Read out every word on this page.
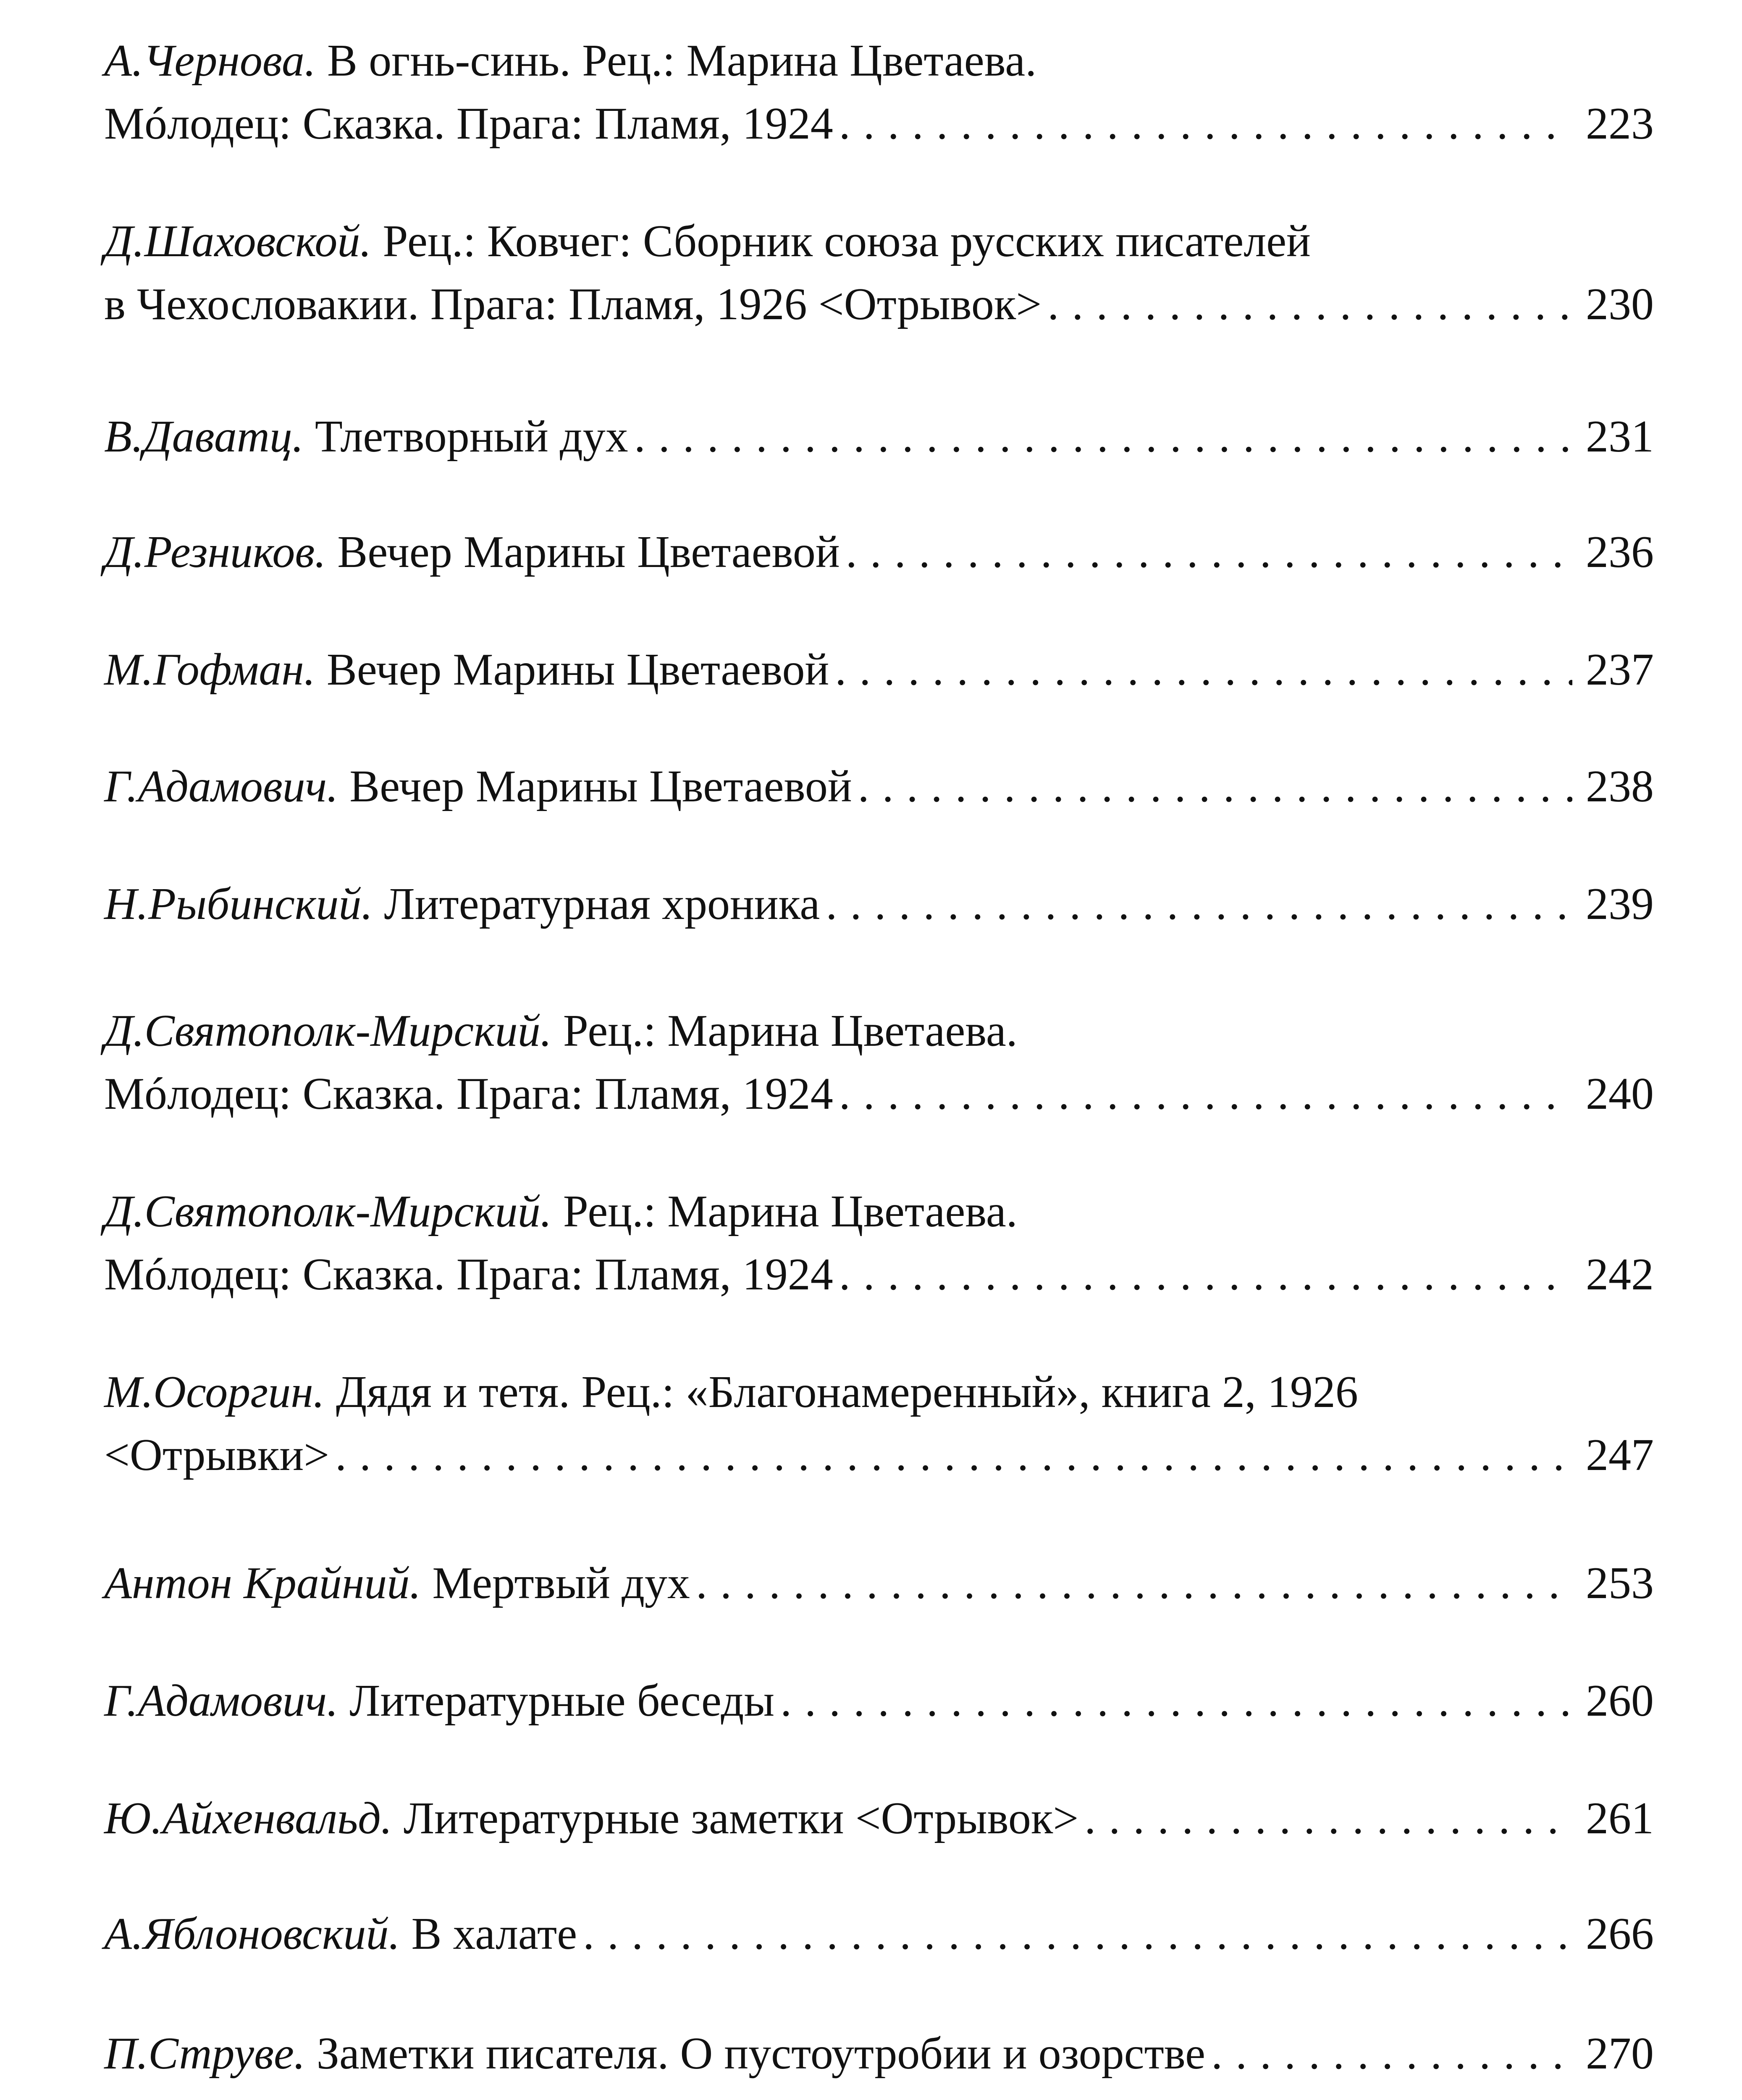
А.Чернова. В огнь-синь. Рец.: Марина Цветаева.
Мóлодец: Сказка. Прага: Пламя, 1924 . . .	223
Д.Шаховской. Рец.: Ковчег: Сборник союза русских писателей
в Чехословакии. Прага: Пламя, 1926 <Отрывок> . . .	230
В.Даватц. Тлетворный дух . . .	231
Д.Резников. Вечер Марины Цветаевой . . .	236
М.Гофман. Вечер Марины Цветаевой . . .	237
Г.Адамович. Вечер Марины Цветаевой . . .	238
Н.Рыбинский. Литературная хроника . . .	239
Д.Святополк-Мирский. Рец.: Марина Цветаева.
Мóлодец: Сказка. Прага: Пламя, 1924 . . .	240
Д.Святополк-Мирский. Рец.: Марина Цветаева.
Мóлодец: Сказка. Прага: Пламя, 1924 . . .	242
М.Осоргин. Дядя и тетя. Рец.: «Благонамеренный», книга 2, 1926
<Отрывки> . . .	247
Антон Крайний. Мертвый дух . . .	253
Г.Адамович. Литературные беседы . . .	260
Ю.Айхенвальд. Литературные заметки <Отрывок> . . .	261
А.Яблоновский. В халате . . .	266
П.Струве. Заметки писателя. О пустоутробии и озорстве . . .	270
